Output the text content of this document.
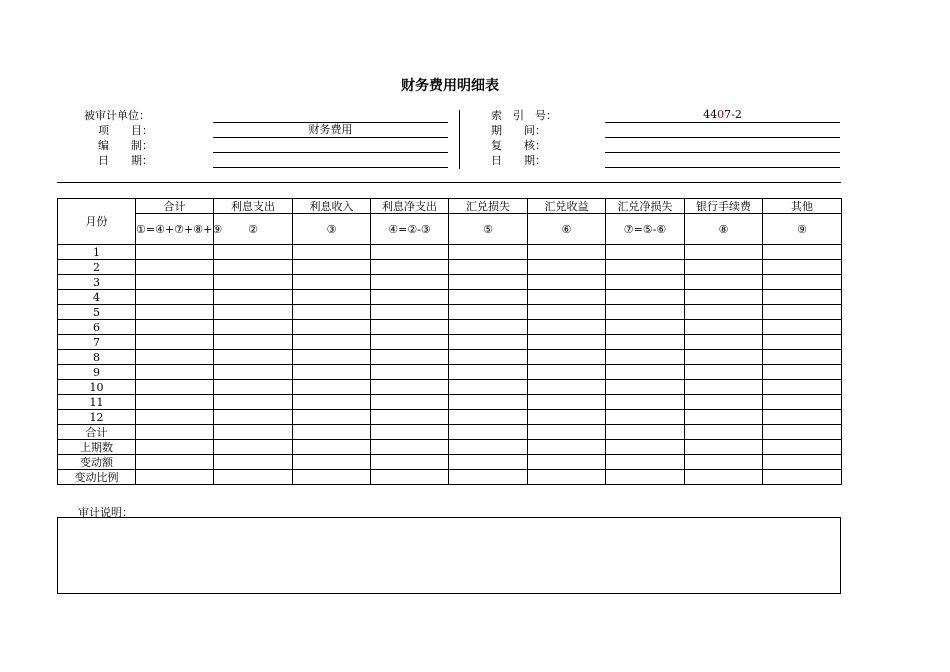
财务费用明细表
被审计单位：
项　　目：	财务费用
编　　制：
日　　期：
索　引　号：	4407-2
期　　间：
复　　核：
日　　期：
月份	合计	利息支出	利息收入	利息净支出	汇兑损失	汇兑收益	汇兑净损失	银行手续费	其他
	①=④+⑦+⑧+⑨	②	③	④=②-③	⑤	⑥	⑦=⑤-⑥	⑧	⑨
1									
2									
3									
4									
5									
6									
7									
8									
9									
10									
11									
12									
合计									
上期数									
变动额									
变动比例									
审计说明：
